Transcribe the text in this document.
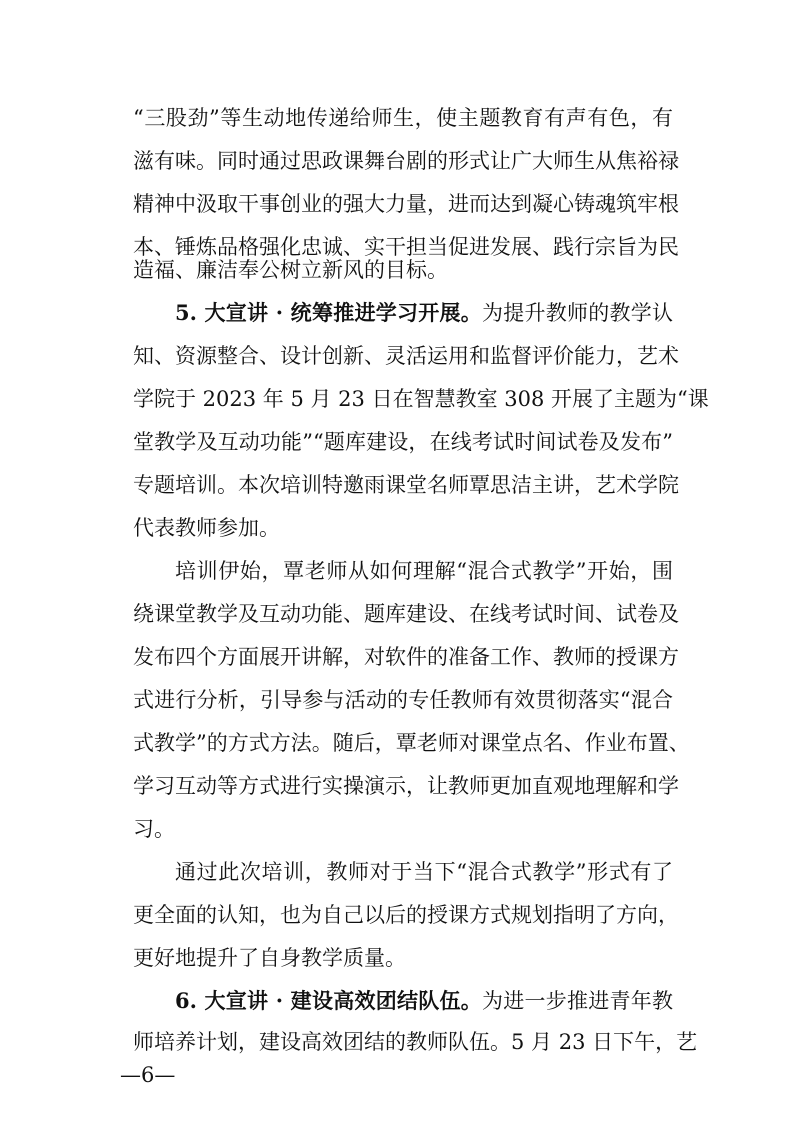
“三股劲”等生动地传递给师生，使主题教育有声有色，有
滋有味。同时通过思政课舞台剧的形式让广大师生从焦裕禄
精神中汲取干事创业的强大力量，进而达到凝心铸魂筑牢根
本、锤炼品格强化忠诚、实干担当促进发展、践行宗旨为民
造福、廉洁奉公树立新风的目标。
5. 大宣讲 · 统筹推进学习开展。为提升教师的教学认
知、资源整合、设计创新、灵活运用和监督评价能力，艺术
学院于 2023 年 5 月 23 日在智慧教室 308 开展了主题为“课
堂教学及互动功能”“题库建设，在线考试时间试卷及发布”
专题培训。本次培训特邀雨课堂名师覃思洁主讲，艺术学院
代表教师参加。
培训伊始，覃老师从如何理解“混合式教学”开始，围
绕课堂教学及互动功能、题库建设、在线考试时间、试卷及
发布四个方面展开讲解，对软件的准备工作、教师的授课方
式进行分析，引导参与活动的专任教师有效贯彻落实“混合
式教学”的方式方法。随后，覃老师对课堂点名、作业布置、
学习互动等方式进行实操演示，让教师更加直观地理解和学
习。
通过此次培训，教师对于当下“混合式教学”形式有了
更全面的认知，也为自己以后的授课方式规划指明了方向，
更好地提升了自身教学质量。
6. 大宣讲 · 建设高效团结队伍。为进一步推进青年教
师培养计划，建设高效团结的教师队伍。5 月 23 日下午，艺
—6—
